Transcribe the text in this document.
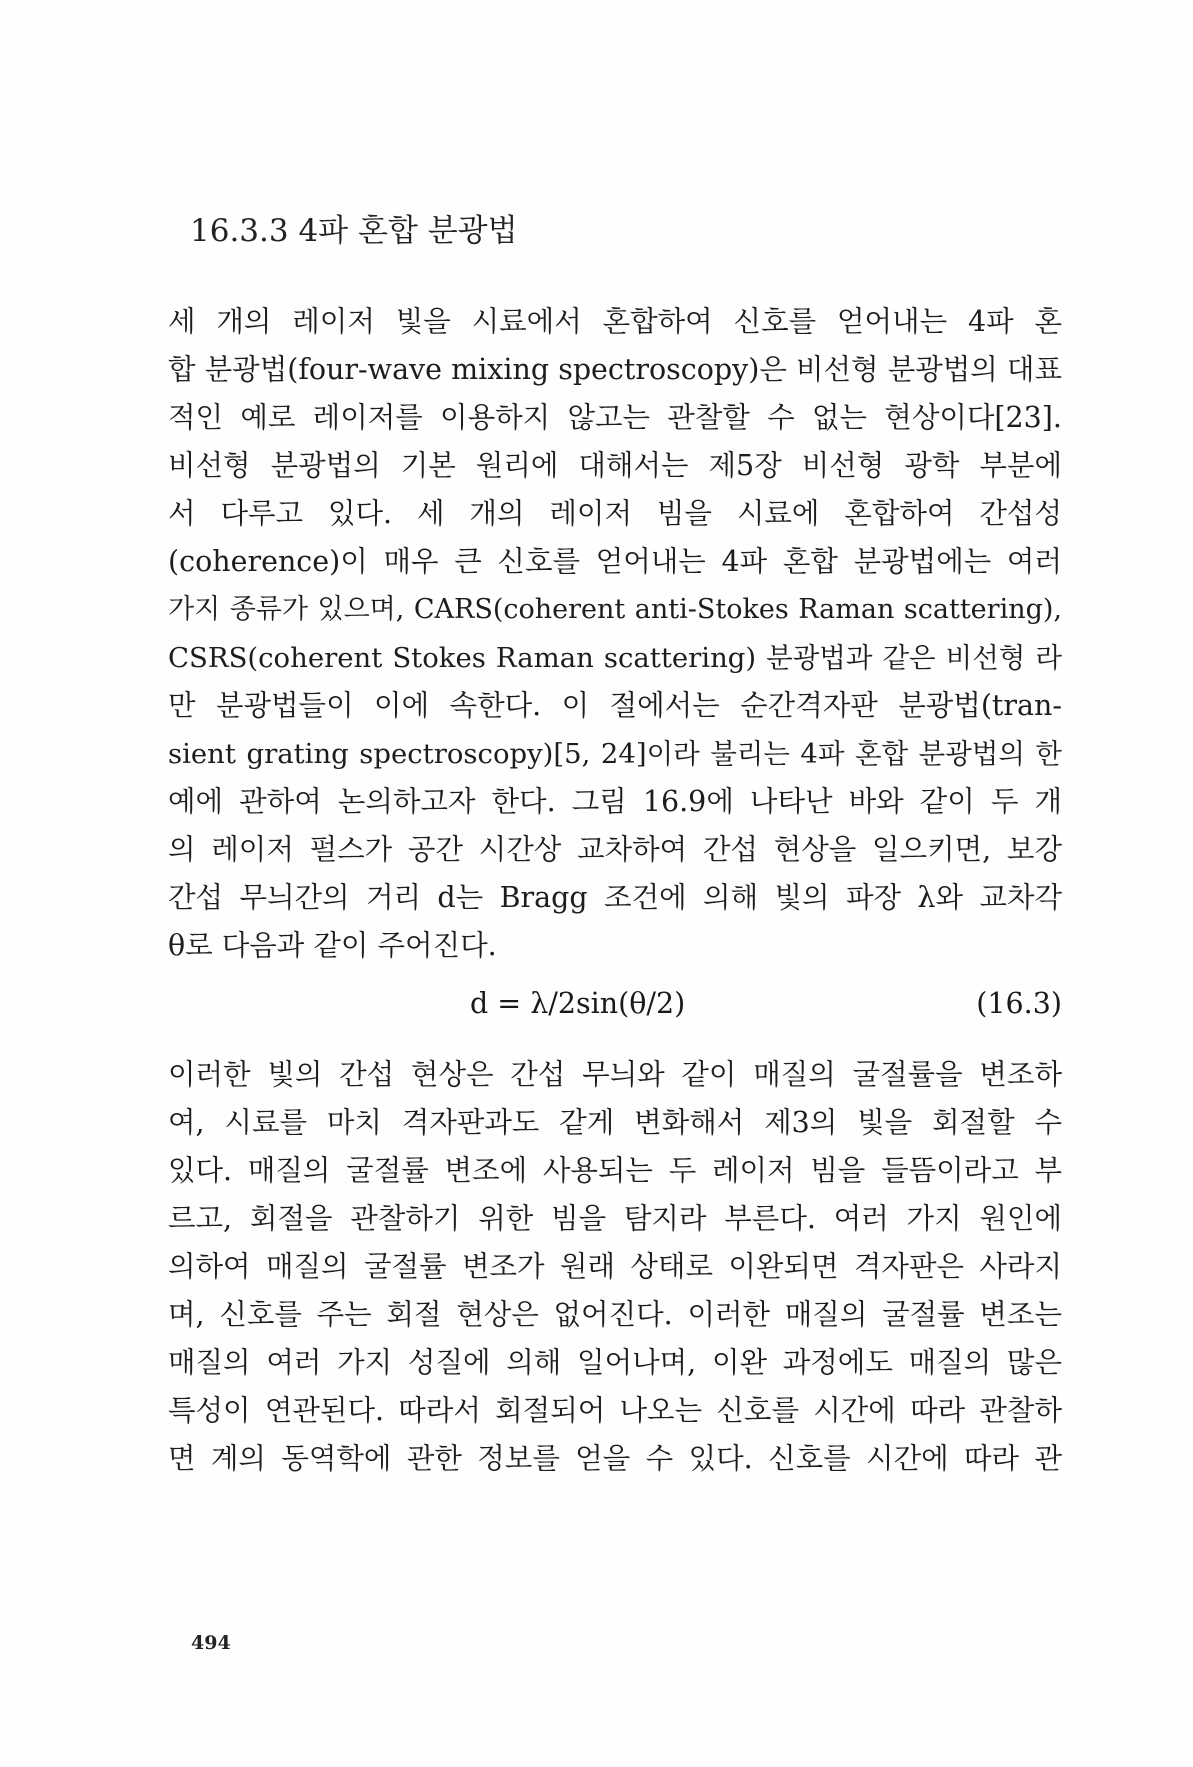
16.3.3 4파 혼합 분광법
세 개의 레이저 빛을 시료에서 혼합하여 신호를 얻어내는 4파 혼
합 분광법(four-wave mixing spectroscopy)은 비선형 분광법의 대표
적인 예로 레이저를 이용하지 않고는 관찰할 수 없는 현상이다[23].
비선형 분광법의 기본 원리에 대해서는 제5장 비선형 광학 부분에
서 다루고 있다. 세 개의 레이저 빔을 시료에 혼합하여 간섭성
(coherence)이 매우 큰 신호를 얻어내는 4파 혼합 분광법에는 여러
가지 종류가 있으며, CARS(coherent anti-Stokes Raman scattering),
CSRS(coherent Stokes Raman scattering) 분광법과 같은 비선형 라
만 분광법들이 이에 속한다. 이 절에서는 순간격자판 분광법(tran-
sient grating spectroscopy)[5, 24]이라 불리는 4파 혼합 분광법의 한
예에 관하여 논의하고자 한다. 그림 16.9에 나타난 바와 같이 두 개
의 레이저 펄스가 공간 시간상 교차하여 간섭 현상을 일으키면, 보강
간섭 무늬간의 거리 d는 Bragg 조건에 의해 빛의 파장 λ와 교차각
θ로 다음과 같이 주어진다.
d = λ/2sin(θ/2)	(16.3)
이러한 빛의 간섭 현상은 간섭 무늬와 같이 매질의 굴절률을 변조하
여, 시료를 마치 격자판과도 같게 변화해서 제3의 빛을 회절할 수
있다. 매질의 굴절률 변조에 사용되는 두 레이저 빔을 들뜸이라고 부
르고, 회절을 관찰하기 위한 빔을 탐지라 부른다. 여러 가지 원인에
의하여 매질의 굴절률 변조가 원래 상태로 이완되면 격자판은 사라지
며, 신호를 주는 회절 현상은 없어진다. 이러한 매질의 굴절률 변조는
매질의 여러 가지 성질에 의해 일어나며, 이완 과정에도 매질의 많은
특성이 연관된다. 따라서 회절되어 나오는 신호를 시간에 따라 관찰하
면 계의 동역학에 관한 정보를 얻을 수 있다. 신호를 시간에 따라 관
494
